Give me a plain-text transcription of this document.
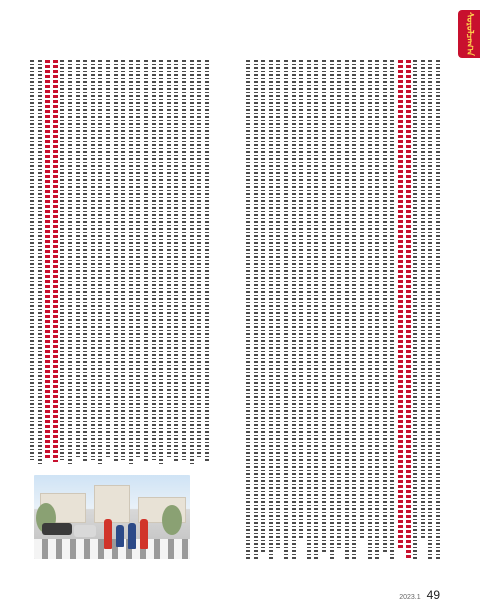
ᠰᠤᠷᠤᠯᠴᠠᠭ᠎ᠠ
2023.1 49
